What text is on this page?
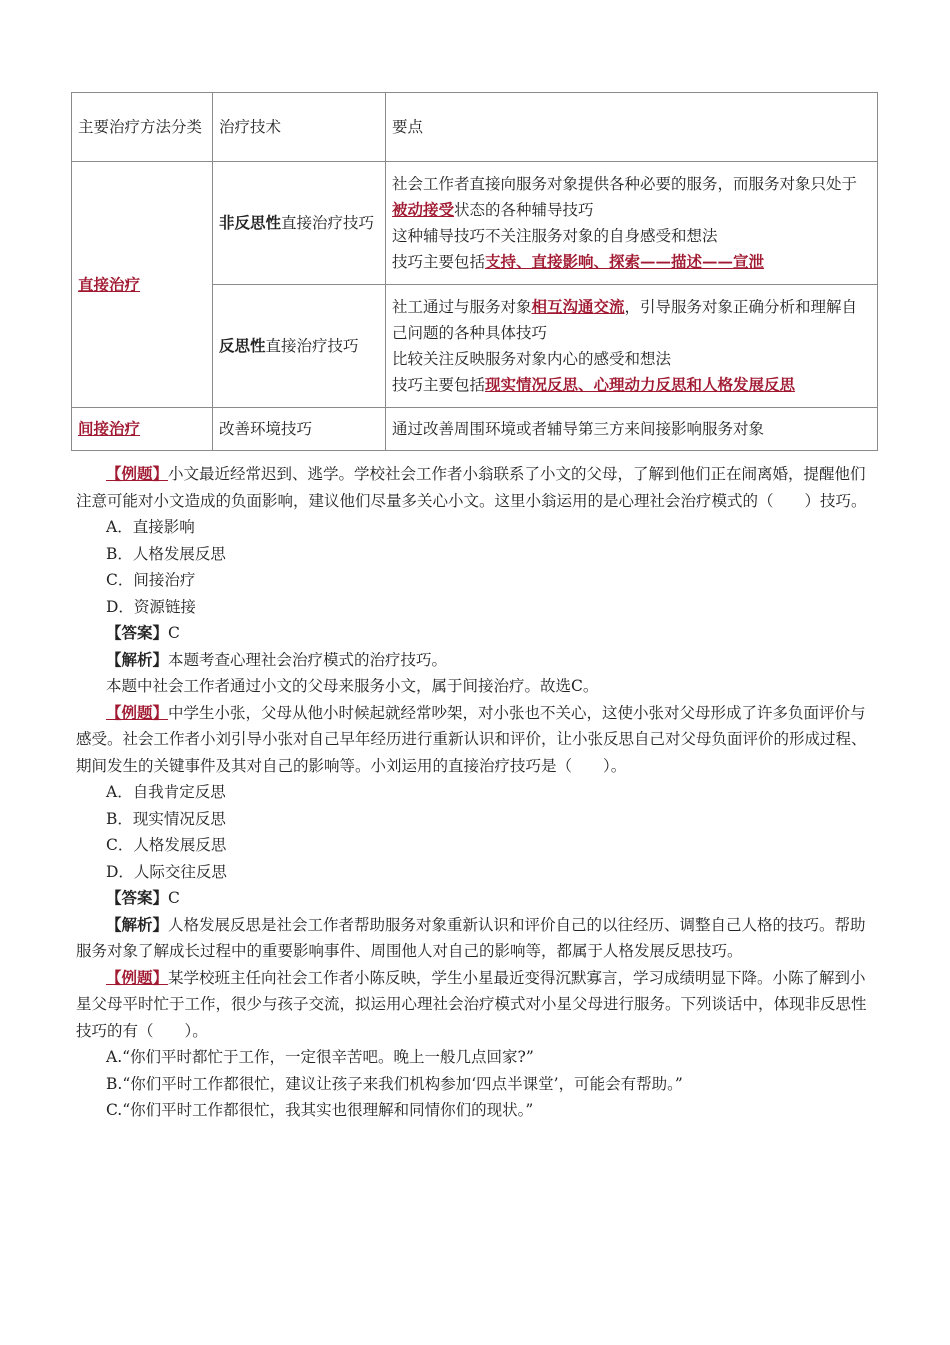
主要治疗方法分类	治疗技术	要点
直接治疗	非反思性直接治疗技巧	社会工作者直接向服务对象提供各种必要的服务，而服务对象只处于被动接受状态的各种辅导技巧
这种辅导技巧不关注服务对象的自身感受和想法
技巧主要包括支持、直接影响、探索——描述——宣泄

	反思性直接治疗技巧	社工通过与服务对象相互沟通交流，引导服务对象正确分析和理解自己问题的各种具体技巧
比较关注反映服务对象内心的感受和想法
技巧主要包括现实情况反思、心理动力反思和人格发展反思

间接治疗	改善环境技巧	通过改善周围环境或者辅导第三方来间接影响服务对象

【例题】小文最近经常迟到、逃学。学校社会工作者小翁联系了小文的父母，了解到他们正在闹离婚，提醒他们注意可能对小文造成的负面影响，建议他们尽量多关心小文。这里小翁运用的是心理社会治疗模式的（　　）技巧。

A．直接影响

B．人格发展反思

C．间接治疗

D．资源链接

【答案】C

【解析】本题考查心理社会治疗模式的治疗技巧。

本题中社会工作者通过小文的父母来服务小文，属于间接治疗。故选C。

【例题】中学生小张，父母从他小时候起就经常吵架，对小张也不关心，这使小张对父母形成了许多负面评价与感受。社会工作者小刘引导小张对自己早年经历进行重新认识和评价，让小张反思自己对父母负面评价的形成过程、期间发生的关键事件及其对自己的影响等。小刘运用的直接治疗技巧是（　　）。

A．自我肯定反思

B．现实情况反思

C．人格发展反思

D．人际交往反思

【答案】C

【解析】人格发展反思是社会工作者帮助服务对象重新认识和评价自己的以往经历、调整自己人格的技巧。帮助服务对象了解成长过程中的重要影响事件、周围他人对自己的影响等，都属于人格发展反思技巧。

【例题】某学校班主任向社会工作者小陈反映，学生小星最近变得沉默寡言，学习成绩明显下降。小陈了解到小星父母平时忙于工作，很少与孩子交流，拟运用心理社会治疗模式对小星父母进行服务。下列谈话中，体现非反思性技巧的有（　　）。

A.“你们平时都忙于工作，一定很辛苦吧。晚上一般几点回家?”

B.“你们平时工作都很忙，建议让孩子来我们机构参加‘四点半课堂’，可能会有帮助。”

C.“你们平时工作都很忙，我其实也很理解和同情你们的现状。”
